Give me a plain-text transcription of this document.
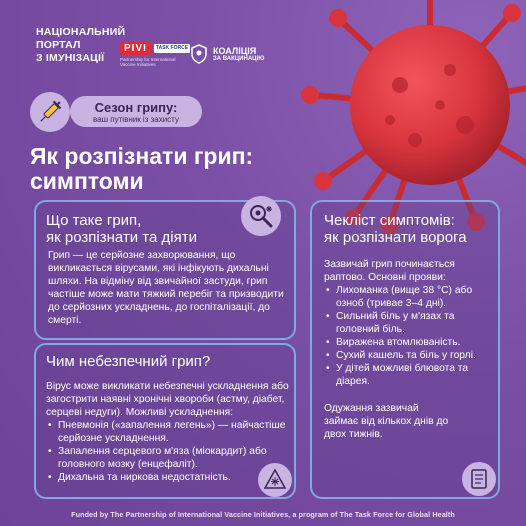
НАЦІОНАЛЬНИЙ
ПОРТАЛ
З ІМУНІЗАЦІЇ
PIVI	TASK FORCE
Partnership for International Vaccine Initiatives
КОАЛІЦІЯ
ЗА ВАКЦИНАЦІЮ
Сезон грипу:
ваш путівник із захисту
Як розпізнати грип:
симптоми
Що таке грип,
як розпізнати та діяти

Грип — це серйозне захворювання, що викликається вірусами, які інфікують дихальні шляхи. На відміну від звичайної застуди, грип частіше може мати тяжкий перебіг та призводити до серйозних ускладнень, до госпіталізації, до смерті.

Чим небезпечний грип?

Вірус може викликати небезпечні ускладнення або загострити наявні хронічні хвороби (астму, діабет, серцеві недуги). Можливі ускладнення:

• Пневмонія («запалення легень») — найчастіше серйозне ускладнення.
• Запалення серцевого м'яза (міокардит) або головного мозку (енцефаліт).
• Дихальна та ниркова недостатність.
Чекліст симптомів:
як розпізнати ворога

Зазвичай грип починається раптово. Основні прояви:

• Лихоманка (вище 38 °С) або озноб (тривае 3–4 дні).
• Сильний біль у м'язах та головний біль.
• Виражена втомлюваність.
• Сухий кашель та біль у горлі.
• У дітей можливі блювота та діарея.

Одужання зазвичай займає від кількох днів до двох тижнів.

Funded by The Partnership of International Vaccine Initiatives, a program of The Task Force for Global Health
